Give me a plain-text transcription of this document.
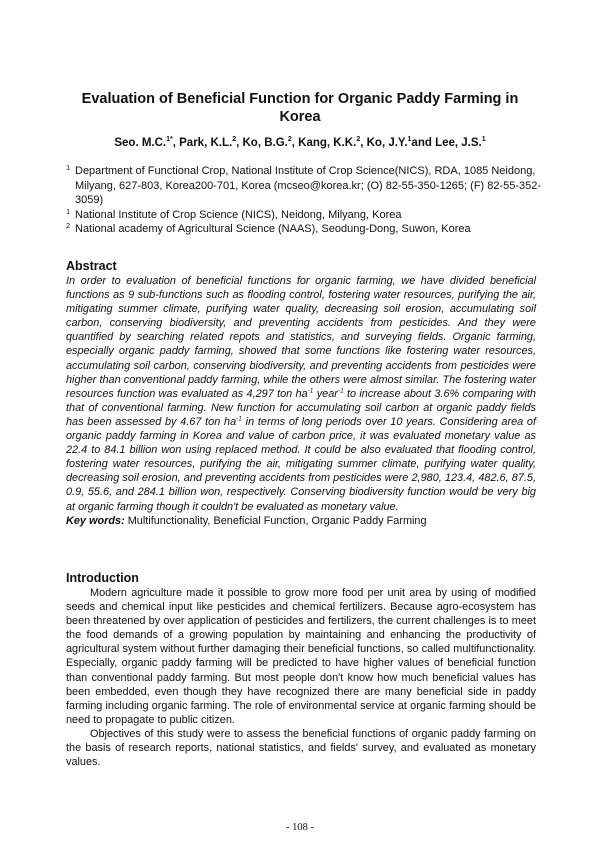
Evaluation of Beneficial Function for Organic Paddy Farming in Korea
Seo. M.C.$^{1*}$, Park, K.L.$^2$, Ko, B.G.$^2$, Kang, K.K.$^2$, Ko, J.Y.$^1$and Lee, J.S.$^1$

1 Department of Functional Crop, National Institute of Crop Science(NICS), RDA, 1085 Neidong, Milyang, 627-803, Korea200-701, Korea (mcseo@korea.kr; (O) 82-55-350-1265; (F) 82-55-352-3059)

1 National Institute of Crop Science (NICS), Neidong, Milyang, Korea

2 National academy of Agricultural Science (NAAS), Seodung-Dong, Suwon, Korea

Abstract

In order to evaluation of beneficial functions for organic farming, we have divided beneficial functions as 9 sub-functions such as flooding control, fostering water resources, purifying the air, mitigating summer climate, purifying water quality, decreasing soil erosion, accumulating soil carbon, conserving biodiversity, and preventing accidents from pesticides. And they were quantified by searching related repots and statistics, and surveying fields. Organic farming, especially organic paddy farming, showed that some functions like fostering water resources, accumulating soil carbon, conserving biodiversity, and preventing accidents from pesticides were higher than conventional paddy farming, while the others were almost similar. The fostering water resources function was evaluated as 4,297 ton $ha^{-1}$ year$^{-1}$ to increase about 3.6% comparing with that of conventional farming. New function for accumulating soil carbon at organic paddy fields has been assessed by 4.67 ton $ha^{-1}$ in terms of long periods over 10 years. Considering area of organic paddy farming in Korea and value of carbon price, it was evaluated monetary value as 22.4 to 84.1 billion won using replaced method. It could be also evaluated that flooding control, fostering water resources, purifying the air, mitigating summer climate, purifying water quality, decreasing soil erosion, and preventing accidents from pesticides were 2,980, 123.4, 482.6, 87.5, 0.9, 55.6, and 284.1 billion won, respectively. Conserving biodiversity function would be very big at organic farming though it couldn't be evaluated as monetary value.

Key words: Multifunctionality, Beneficial Function, Organic Paddy Farming

Introduction

Modern agriculture made it possible to grow more food per unit area by using of modified seeds and chemical input like pesticides and chemical fertilizers. Because agro-ecosystem has been threatened by over application of pesticides and fertilizers, the current challenges is to meet the food demands of a growing population by maintaining and enhancing the productivity of agricultural system without further damaging their beneficial functions, so called multifunctionality. Especially, organic paddy farming will be predicted to have higher values of beneficial function than conventional paddy farming. But most people don't know how much beneficial values has been embedded, even though they have recognized there are many beneficial side in paddy farming including organic farming. The role of environmental service at organic farming should be need to propagate to public citizen.

Objectives of this study were to assess the beneficial functions of organic paddy farming on the basis of research reports, national statistics, and fields' survey, and evaluated as monetary values.

- 108 -
